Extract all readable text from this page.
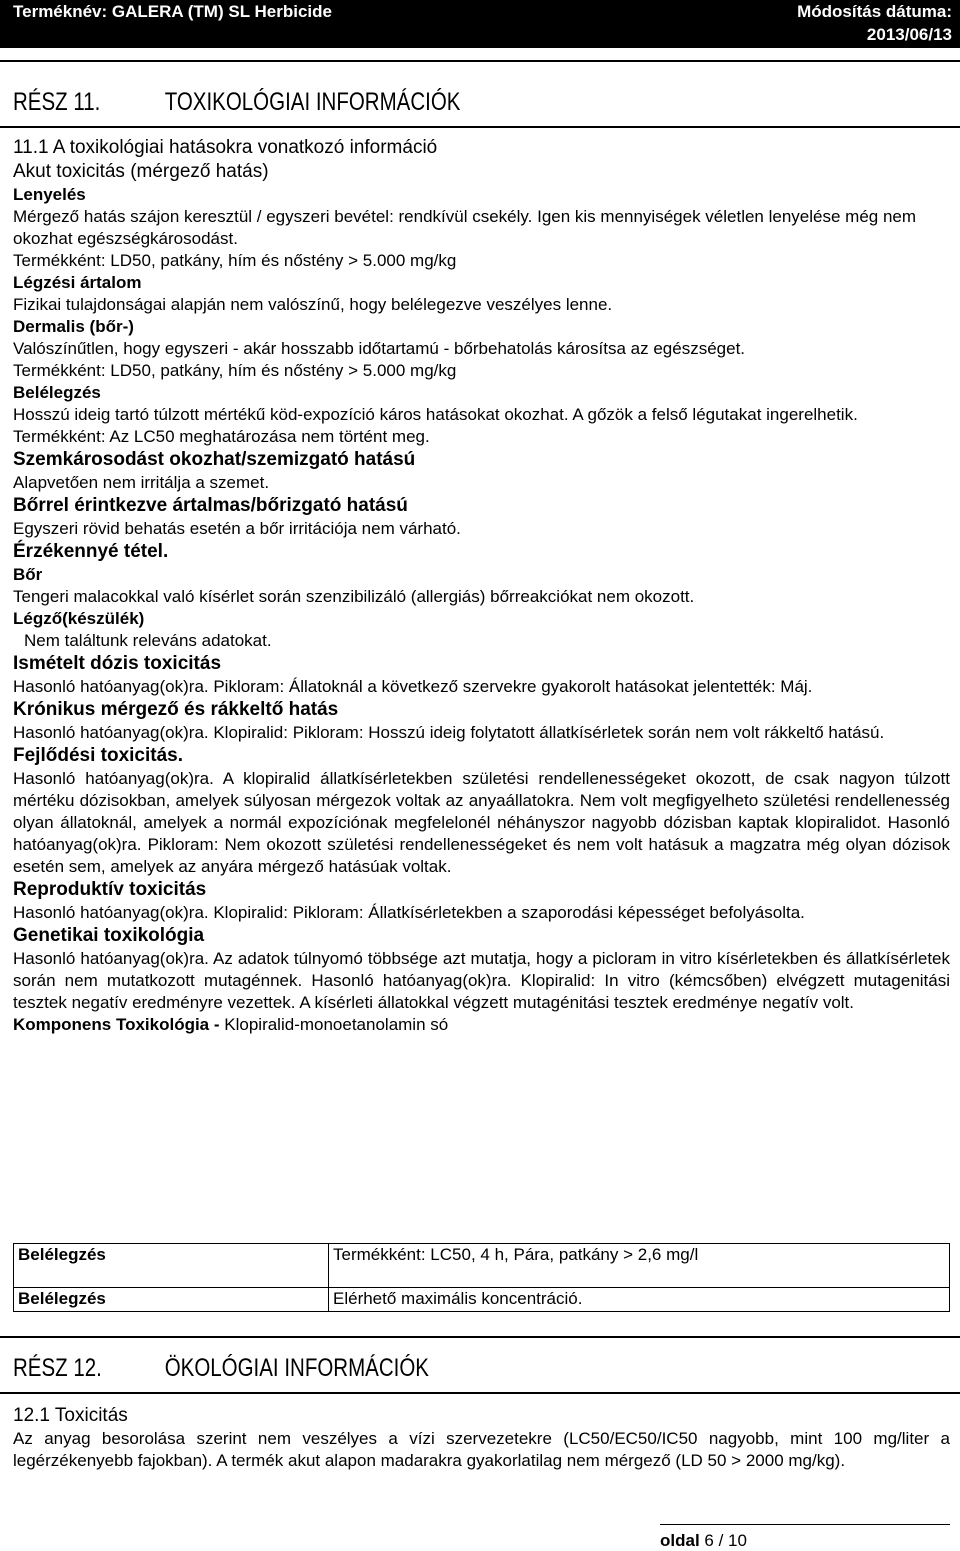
Terméknév: GALERA (TM) SL Herbicide	Módosítás dátuma:
2013/06/13
RÉSZ 11.	TOXIKOLÓGIAI INFORMÁCIÓK

11.1 A toxikológiai hatásokra vonatkozó információ

Akut toxicitás (mérgező hatás)

Lenyelés

Mérgező hatás szájon keresztül / egyszeri bevétel: rendkívül csekély. Igen kis mennyiségek véletlen lenyelése még nem okozhat egészségkárosodást.

Termékként: LD50, patkány, hím és nőstény > 5.000 mg/kg

Légzési ártalom

Fizikai tulajdonságai alapján nem valószínű, hogy belélegezve veszélyes lenne.

Dermalis (bőr-)

Valószínűtlen, hogy egyszeri - akár hosszabb időtartamú - bőrbehatolás károsítsa az egészséget.

Termékként: LD50, patkány, hím és nőstény > 5.000 mg/kg

Belélegzés

Hosszú ideig tartó túlzott mértékű köd-expozíció káros hatásokat okozhat. A gőzök a felső légutakat ingerelhetik.

Termékként: Az LC50 meghatározása nem történt meg.

Szemkárosodást okozhat/szemizgató hatású

Alapvetően nem irritálja a szemet.

Bőrrel érintkezve ártalmas/bőrizgató hatású

Egyszeri rövid behatás esetén a bőr irritációja nem várható.

Érzékennyé tétel.

Bőr

Tengeri malacokkal való kísérlet során szenzibilizáló (allergiás) bőrreakciókat nem okozott.

Légző(készülék)

Nem találtunk releváns adatokat.

Ismételt dózis toxicitás

Hasonló hatóanyag(ok)ra. Pikloram: Állatoknál a következő szervekre gyakorolt hatásokat jelentették: Máj.

Krónikus mérgező és rákkeltő hatás

Hasonló hatóanyag(ok)ra. Klopiralid: Pikloram: Hosszú ideig folytatott állatkísérletek során nem volt rákkeltő hatású.

Fejlődési toxicitás.

Hasonló hatóanyag(ok)ra. A klopiralid állatkísérletekben születési rendellenességeket okozott, de csak nagyon túlzott mértéku dózisokban, amelyek súlyosan mérgezok voltak az anyaállatokra. Nem volt megfigyelheto születési rendellenesség olyan állatoknál, amelyek a normál expozíciónak megfelelonél néhányszor nagyobb dózisban kaptak klopiralidot. Hasonló hatóanyag(ok)ra. Pikloram: Nem okozott születési rendellenességeket és nem volt hatásuk a magzatra még olyan dózisok esetén sem, amelyek az anyára mérgező hatásúak voltak.

Reproduktív toxicitás

Hasonló hatóanyag(ok)ra. Klopiralid: Pikloram: Állatkísérletekben a szaporodási képességet befolyásolta.

Genetikai toxikológia

Hasonló hatóanyag(ok)ra. Az adatok túlnyomó többsége azt mutatja, hogy a picloram in vitro kísérletekben és állatkísérletek során nem mutatkozott mutagénnek. Hasonló hatóanyag(ok)ra. Klopiralid: In vitro (kémcsőben) elvégzett mutagenitási tesztek negatív eredményre vezettek. A kísérleti állatokkal végzett mutagénitási tesztek eredménye negatív volt.

Komponens Toxikológia - Klopiralid-monoetanolamin só

Belélegzés	Termékként: LC50, 4 h, Pára, patkány > 2,6 mg/l
Belélegzés	Elérhető maximális koncentráció.
RÉSZ 12.	ÖKOLÓGIAI INFORMÁCIÓK

12.1 Toxicitás

Az anyag besorolása szerint nem veszélyes a vízi szervezetekre (LC50/EC50/IC50 nagyobb, mint 100 mg/liter a legérzékenyebb fajokban). A termék akut alapon madarakra gyakorlatilag nem mérgező (LD 50 > 2000 mg/kg).

oldal 6 / 10
